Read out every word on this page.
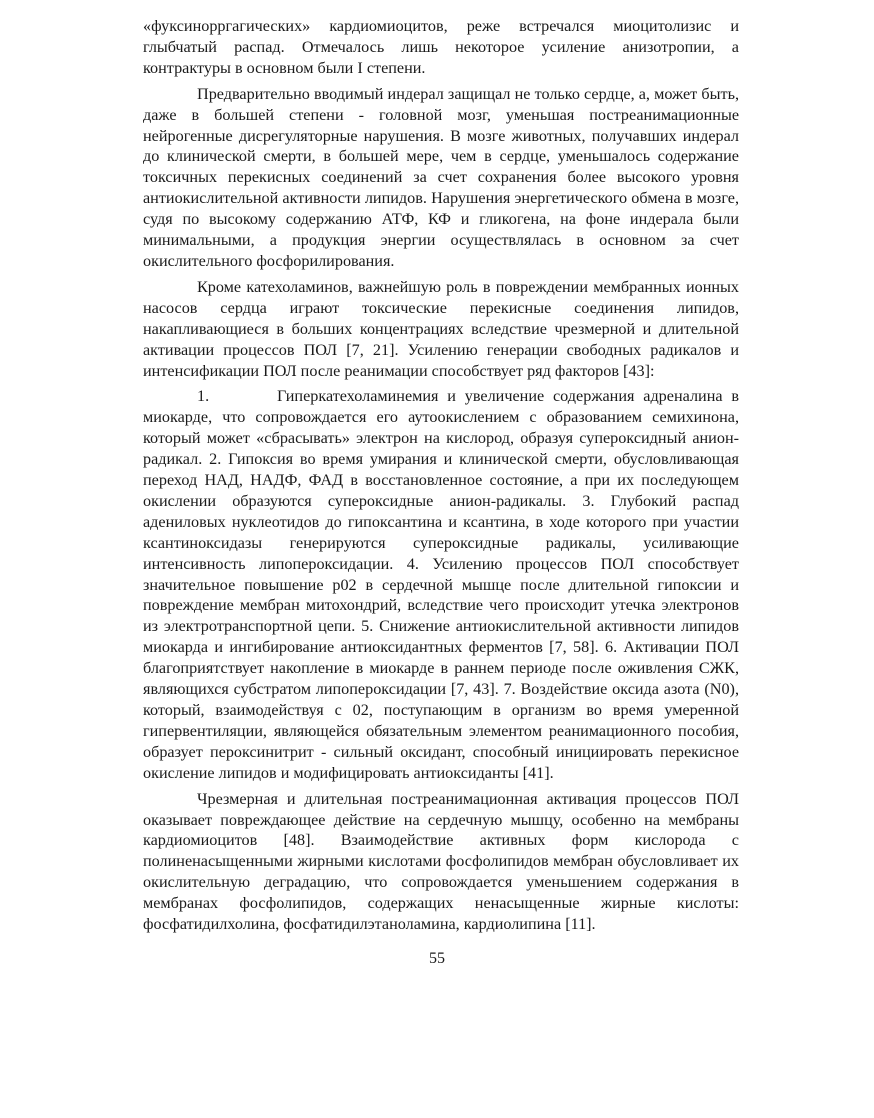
«фуксинорргагических» кардиомиоцитов, реже встречался миоцитолизис и глыбчатый распад. Отмечалось лишь некоторое усиление анизотропии, а контрактуры в основном были I степени.

Предварительно вводимый индерал защищал не только сердце, а, может быть, даже в большей степени - головной мозг, уменьшая постреанимационные нейрогенные дисрегуляторные нарушения. В мозге животных, получавших индерал до клинической смерти, в большей мере, чем в сердце, уменьшалось содержание токсичных перекисных соединений за счет сохранения более высокого уровня антиокислительной активности липидов. Нарушения энергетического обмена в мозге, судя по высокому содержанию АТФ, КФ и гликогена, на фоне индерала были минимальными, а продукция энергии осуществлялась в основном за счет окислительного фосфорилирования.

Кроме катехоламинов, важнейшую роль в повреждении мембранных ионных насосов сердца играют токсические перекисные соединения липидов, накапливающиеся в больших концентрациях вследствие чрезмерной и длительной активации процессов ПОЛ [7, 21]. Усилению генерации свободных радикалов и интенсификации ПОЛ после реанимации способствует ряд факторов [43]:

1.	Гиперкатехоламинемия и увеличение содержания адреналина в миокарде, что сопровождается его аутоокислением с образованием семихинона, который может «сбрасывать» электрон на кислород, образуя супероксидный анион-радикал. 2. Гипоксия во время умирания и клинической смерти, обусловливающая переход НАД, НАДФ, ФАД в восстановленное состояние, а при их последующем окислении образуются супероксидные анион-радикалы. 3. Глубокий распад адениловых нуклеотидов до гипоксантина и ксантина, в ходе которого при участии ксантиноксидазы генерируются супероксидные радикалы, усиливающие интенсивность липопероксидации. 4. Усилению процессов ПОЛ способствует значительное повышение р02 в сердечной мышце после длительной гипоксии и повреждение мембран митохондрий, вследствие чего происходит утечка электронов из электротранспортной цепи. 5. Снижение антиокислительной активности липидов миокарда и ингибирование антиоксидантных ферментов [7, 58]. 6. Активации ПОЛ благоприятствует накопление в миокарде в раннем периоде после оживления СЖК, являющихся субстратом липопероксидации [7, 43]. 7. Воздействие оксида азота (N0), который, взаимодействуя с 02, поступающим в организм во время умеренной гипервентиляции, являющейся обязательным элементом реанимационного пособия, образует пероксинитрит - сильный оксидант, способный инициировать перекисное окисление липидов и модифицировать антиоксиданты [41].

Чрезмерная и длительная постреанимационная активация процессов ПОЛ оказывает повреждающее действие на сердечную мышцу, особенно на мембраны кардиомиоцитов [48]. Взаимодействие активных форм кислорода с полиненасыщенными жирными кислотами фосфолипидов мембран обусловливает их окислительную деградацию, что сопровождается уменьшением содержания в мембранах фосфолипидов, содержащих ненасыщенные жирные кислоты: фосфатидилхолина, фосфатидилэтаноламина, кардиолипина [11].

55
